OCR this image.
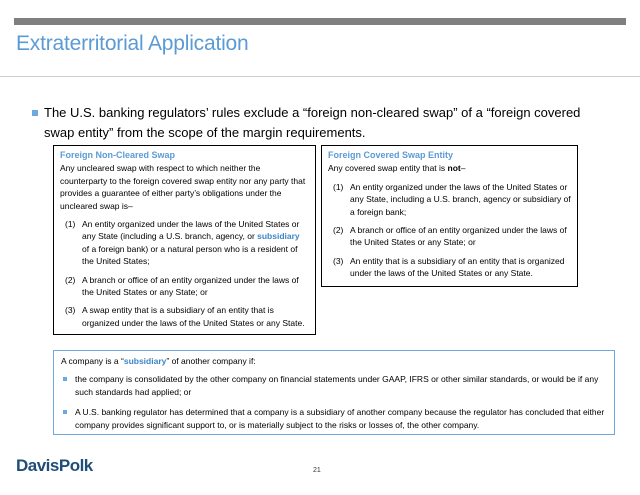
Extraterritorial Application
The U.S. banking regulators’ rules exclude a “foreign non-cleared swap” of a “foreign covered swap entity” from the scope of the margin requirements.
Foreign Non-Cleared Swap
Any uncleared swap with respect to which neither the counterparty to the foreign covered swap entity nor any party that provides a guarantee of either party’s obligations under the uncleared swap is–
(1) An entity organized under the laws of the United States or any State (including a U.S. branch, agency, or subsidiary of a foreign bank) or a natural person who is a resident of the United States;
(2) A branch or office of an entity organized under the laws of the United States or any State; or
(3) A swap entity that is a subsidiary of an entity that is organized under the laws of the United States or any State.
Foreign Covered Swap Entity
Any covered swap entity that is not–
(1) An entity organized under the laws of the United States or any State, including a U.S. branch, agency or subsidiary of a foreign bank;
(2) A branch or office of an entity organized under the laws of the United States or any State; or
(3) An entity that is a subsidiary of an entity that is organized under the laws of the United States or any State.
A company is a “subsidiary” of another company if:
the company is consolidated by the other company on financial statements under GAAP, IFRS or other similar standards, or would be if any such standards had applied; or
A U.S. banking regulator has determined that a company is a subsidiary of another company because the regulator has concluded that either company provides significant support to, or is materially subject to the risks or losses of, the other company.
DavisPolk	21
